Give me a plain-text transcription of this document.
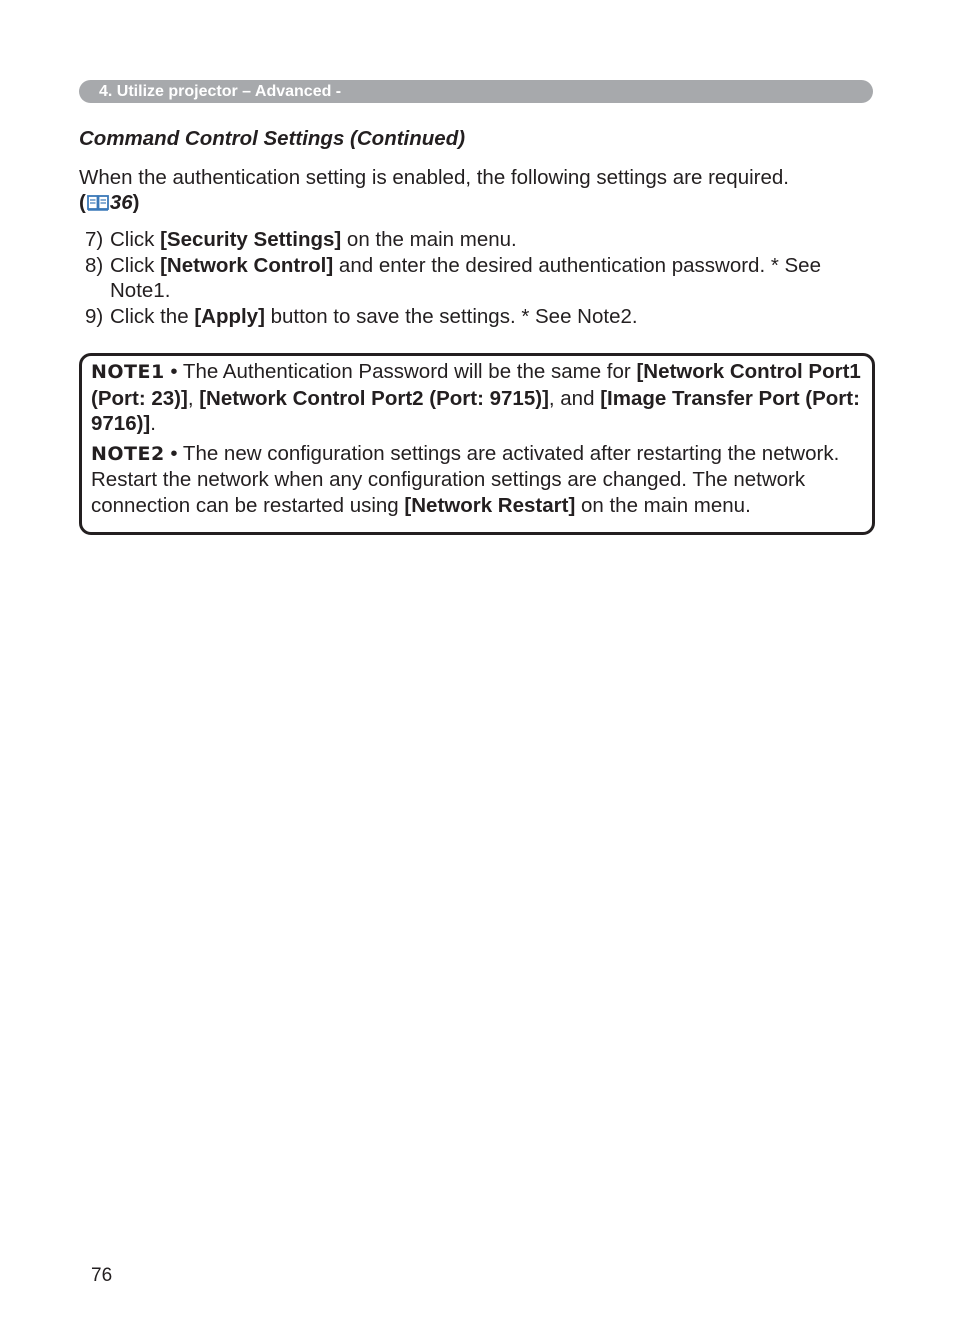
4. Utilize projector – Advanced -
Command Control Settings (Continued)
When the authentication setting is enabled, the following settings are required.
( 36)
7) Click [Security Settings] on the main menu.
8) Click [Network Control] and enter the desired authentication password. * See Note1.
9) Click the [Apply] button to save the settings. * See Note2.

NOTE1 • The Authentication Password will be the same for [Network Control Port1 (Port: 23)], [Network Control Port2 (Port: 9715)], and [Image Transfer Port (Port: 9716)].

NOTE2 • The new configuration settings are activated after restarting the network. Restart the network when any configuration settings are changed. The network connection can be restarted using [Network Restart] on the main menu.

76
